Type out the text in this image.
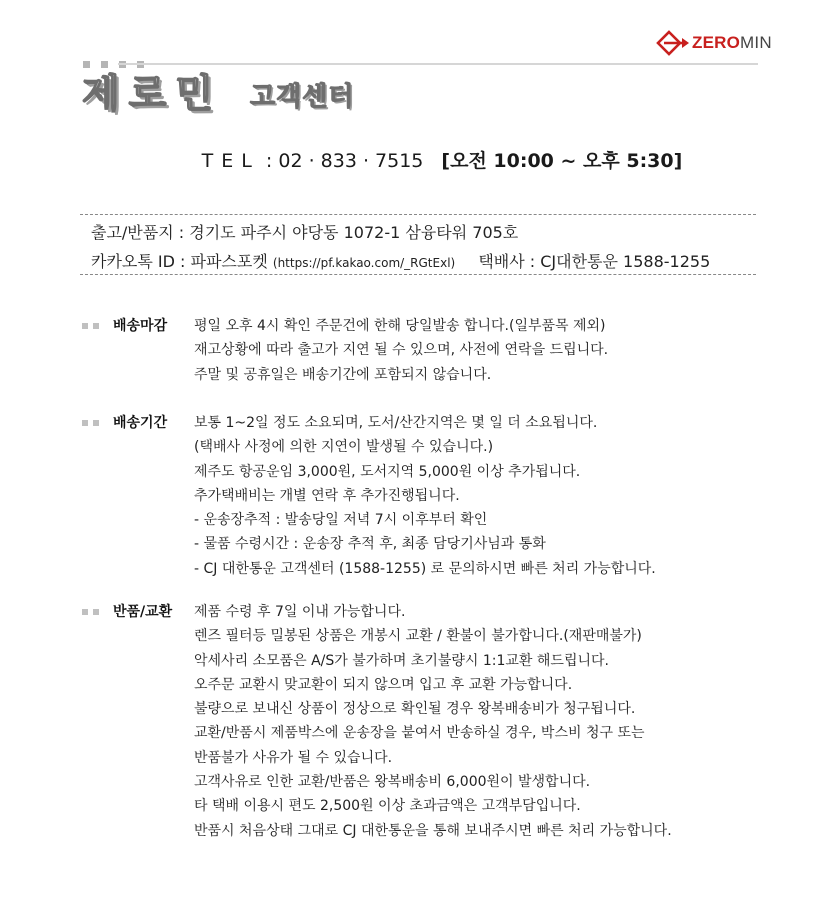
ZEROMIN
제로민 고객센터
TEL : 02 · 833 · 7515 [오전 10:00 ~ 오후 5:30]
출고/반품지 : 경기도 파주시 야당동 1072-1 삼융타워 705호
카카오톡 ID : 파파스포켓 (https://pf.kakao.com/_RGtExl) 택배사 : CJ대한통운 1588-1255
배송마감 평일 오후 4시 확인 주문건에 한해 당일발송 합니다.(일부품목 제외)
재고상황에 따라 출고가 지연 될 수 있으며, 사전에 연락을 드립니다.
주말 및 공휴일은 배송기간에 포함되지 않습니다.
배송기간 보통 1~2일 정도 소요되며, 도서/산간지역은 몇 일 더 소요됩니다.
(택배사 사정에 의한 지연이 발생될 수 있습니다.)
제주도 항공운임 3,000원, 도서지역 5,000원 이상 추가됩니다.
추가택배비는 개별 연락 후 추가진행됩니다.
- 운송장추적 : 발송당일 저녁 7시 이후부터 확인
- 물품 수령시간 : 운송장 추적 후, 최종 담당기사님과 통화
- CJ 대한통운 고객센터 (1588-1255) 로 문의하시면 빠른 처리 가능합니다.
반품/교환 제품 수령 후 7일 이내 가능합니다.
렌즈 필터등 밀봉된 상품은 개봉시 교환 / 환불이 불가합니다.(재판매불가)
악세사리 소모품은 A/S가 불가하며 초기불량시 1:1교환 해드립니다.
오주문 교환시 맞교환이 되지 않으며 입고 후 교환 가능합니다.
불량으로 보내신 상품이 정상으로 확인될 경우 왕복배송비가 청구됩니다.
교환/반품시 제품박스에 운송장을 붙여서 반송하실 경우, 박스비 청구 또는
반품불가 사유가 될 수 있습니다.
고객사유로 인한 교환/반품은 왕복배송비 6,000원이 발생합니다.
타 택배 이용시 편도 2,500원 이상 초과금액은 고객부담입니다.
반품시 처음상태 그대로 CJ 대한통운을 통해 보내주시면 빠른 처리 가능합니다.
